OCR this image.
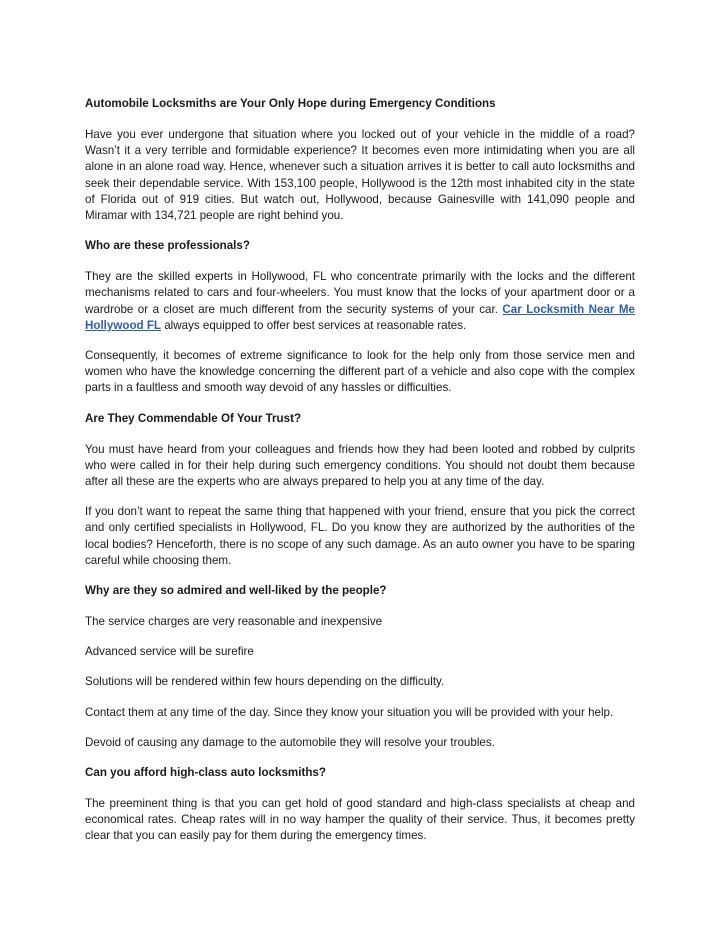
Automobile Locksmiths are Your Only Hope during Emergency Conditions

Have you ever undergone that situation where you locked out of your vehicle in the middle of a road? Wasn’t it a very terrible and formidable experience? It becomes even more intimidating when you are all alone in an alone road way. Hence, whenever such a situation arrives it is better to call auto locksmiths and seek their dependable service. With 153,100 people, Hollywood is the 12th most inhabited city in the state of Florida out of 919 cities. But watch out, Hollywood, because Gainesville with 141,090 people and Miramar with 134,721 people are right behind you.

Who are these professionals?

They are the skilled experts in Hollywood, FL who concentrate primarily with the locks and the different mechanisms related to cars and four-wheelers. You must know that the locks of your apartment door or a wardrobe or a closet are much different from the security systems of your car. Car Locksmith Near Me Hollywood FL always equipped to offer best services at reasonable rates.

Consequently, it becomes of extreme significance to look for the help only from those service men and women who have the knowledge concerning the different part of a vehicle and also cope with the complex parts in a faultless and smooth way devoid of any hassles or difficulties.

Are They Commendable Of Your Trust?

You must have heard from your colleagues and friends how they had been looted and robbed by culprits who were called in for their help during such emergency conditions. You should not doubt them because after all these are the experts who are always prepared to help you at any time of the day.

If you don’t want to repeat the same thing that happened with your friend, ensure that you pick the correct and only certified specialists in Hollywood, FL. Do you know they are authorized by the authorities of the local bodies? Henceforth, there is no scope of any such damage. As an auto owner you have to be sparing careful while choosing them.

Why are they so admired and well-liked by the people?

The service charges are very reasonable and inexpensive

Advanced service will be surefire

Solutions will be rendered within few hours depending on the difficulty.

Contact them at any time of the day. Since they know your situation you will be provided with your help.

Devoid of causing any damage to the automobile they will resolve your troubles.

Can you afford high-class auto locksmiths?

The preeminent thing is that you can get hold of good standard and high-class specialists at cheap and economical rates. Cheap rates will in no way hamper the quality of their service. Thus, it becomes pretty clear that you can easily pay for them during the emergency times.
